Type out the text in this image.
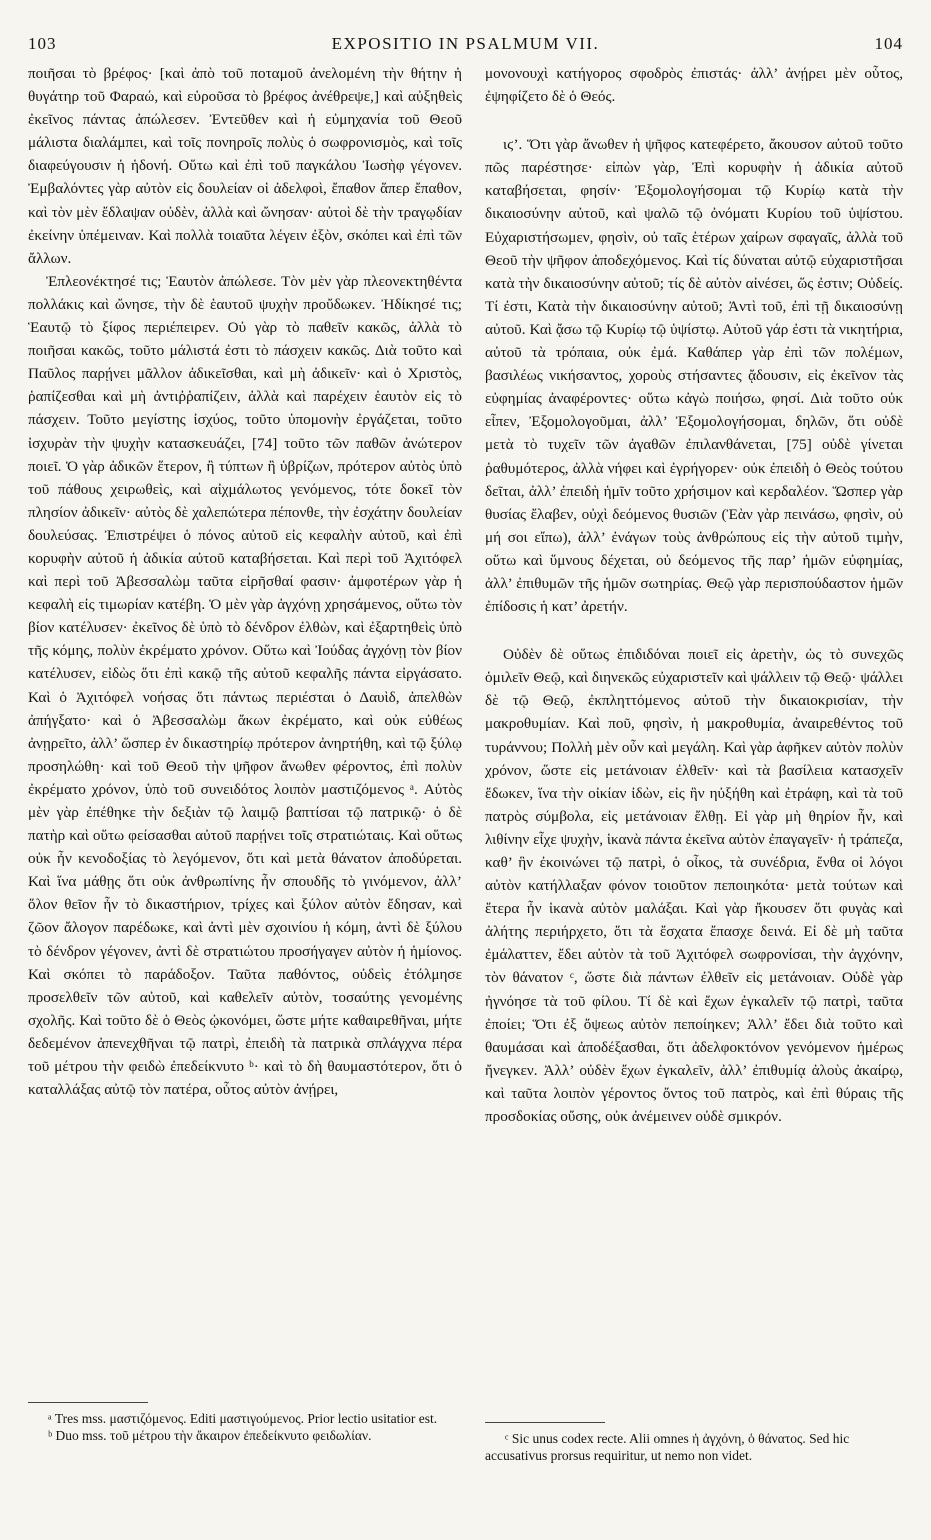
103	EXPOSITIO IN PSALMUM VII.	104

ποιῆσαι τὸ βρέφος· [καὶ ἀπὸ τοῦ ποταμοῦ ἀνελομένη τὴν θήτην ἡ θυγάτηρ τοῦ Φαραώ, καὶ εὑροῦσα τὸ βρέφος ἀνέθρεψε,] καὶ αὐξηθεὶς ἐκεῖνος πάντας ἀπώλεσεν. Ἐντεῦθεν καὶ ἡ εὐμηχανία τοῦ Θεοῦ μάλιστα διαλάμπει, καὶ τοῖς πονηροῖς πολὺς ὁ σωφρονισμὸς, καὶ τοῖς διαφεύγουσιν ἡ ἡδονή. Οὕτω καὶ ἐπὶ τοῦ παγκάλου Ἰωσὴφ γέγονεν. Ἐμβαλόντες γὰρ αὐτὸν εἰς δουλείαν οἱ ἀδελφοὶ, ἔπαθον ἅπερ ἔπαθον, καὶ τὸν μὲν ἔδλαψαν οὐδὲν, ἀλλὰ καὶ ὤνησαν· αὐτοὶ δὲ τὴν τραγῳδίαν ἐκείνην ὑπέμειναν. Καὶ πολλὰ τοιαῦτα λέγειν ἐξὸν, σκόπει καὶ ἐπὶ τῶν ἄλλων.

Ἐπλεονέκτησέ τις; Ἑαυτὸν ἀπώλεσε. Τὸν μὲν γὰρ πλεονεκτηθέντα πολλάκις καὶ ὤνησε, τὴν δὲ ἑαυτοῦ ψυχὴν προὔδωκεν. Ἠδίκησέ τις; Ἑαυτῷ τὸ ξίφος περιέπειρεν. Οὐ γὰρ τὸ παθεῖν κακῶς, ἀλλὰ τὸ ποιῆσαι κακῶς, τοῦτο μάλιστά ἐστι τὸ πάσχειν κακῶς. Διὰ τοῦτο καὶ Παῦλος παρῄνει μᾶλλον ἀδικεῖσθαι, καὶ μὴ ἀδικεῖν· καὶ ὁ Χριστὸς, ῥαπίζεσθαι καὶ μὴ ἀντιῤῥαπίζειν, ἀλλὰ καὶ παρέχειν ἑαυτὸν εἰς τὸ πάσχειν. Τοῦτο μεγίστης ἰσχύος, τοῦτο ὑπομονὴν ἐργάζεται, τοῦτο ἰσχυρὰν τὴν ψυχὴν κατασκευάζει, [74] τοῦτο τῶν παθῶν ἀνώτερον ποιεῖ. Ὁ γὰρ ἀδικῶν ἕτερον, ἢ τύπτων ἢ ὑβρίζων, πρότερον αὐτὸς ὑπὸ τοῦ πάθους χειρωθεὶς, καὶ αἰχμάλωτος γενόμενος, τότε δοκεῖ τὸν πλησίον ἀδικεῖν· αὐτὸς δὲ χαλεπώτερα πέπονθε, τὴν ἐσχάτην δουλείαν δουλεύσας. Ἐπιστρέψει ὁ πόνος αὐτοῦ εἰς κεφαλὴν αὐτοῦ, καὶ ἐπὶ κορυφὴν αὐτοῦ ἡ ἀδικία αὐτοῦ καταβήσεται. Καὶ περὶ τοῦ Ἀχιτόφελ καὶ περὶ τοῦ Ἀβεσσαλὼμ ταῦτα εἰρῆσθαί φασιν· ἀμφοτέρων γὰρ ἡ κεφαλὴ εἰς τιμωρίαν κατέβη. Ὁ μὲν γὰρ ἀγχόνῃ χρησάμενος, οὕτω τὸν βίον κατέλυσεν· ἐκεῖνος δὲ ὑπὸ τὸ δένδρον ἐλθὼν, καὶ ἐξαρτηθεὶς ὑπὸ τῆς κόμης, πολὺν ἐκρέματο χρόνον. Οὕτω καὶ Ἰούδας ἀγχόνῃ τὸν βίον κατέλυσεν, εἰδὼς ὅτι ἐπὶ κακῷ τῆς αὐτοῦ κεφαλῆς πάντα εἰργάσατο. Καὶ ὁ Ἀχιτόφελ νοήσας ὅτι πάντως περιέσται ὁ Δαυὶδ, ἀπελθὼν ἀπήγξατο· καὶ ὁ Ἀβεσσαλὼμ ἄκων ἐκρέματο, καὶ οὐκ εὐθέως ἀνῃρεῖτο, ἀλλ’ ὥσπερ ἐν δικαστηρίῳ πρότερον ἀνηρτήθη, καὶ τῷ ξύλῳ προσηλώθη· καὶ τοῦ Θεοῦ τὴν ψῆφον ἄνωθεν φέροντος, ἐπὶ πολὺν ἐκρέματο χρόνον, ὑπὸ τοῦ συνειδότος λοιπὸν μαστιζόμενος ᵃ. Αὐτὸς μὲν γὰρ ἐπέθηκε τὴν δεξιὰν τῷ λαιμῷ βαπτίσαι τῷ πατρικῷ· ὁ δὲ πατὴρ καὶ οὕτω φείσασθαι αὐτοῦ παρῄνει τοῖς στρατιώταις. Καὶ οὕτως οὐκ ἦν κενοδοξίας τὸ λεγόμενον, ὅτι καὶ μετὰ θάνατον ἀποδύρεται. Καὶ ἵνα μάθῃς ὅτι οὐκ ἀνθρωπίνης ἦν σπουδῆς τὸ γινόμενον, ἀλλ’ ὅλον θεῖον ἦν τὸ δικαστήριον, τρίχες καὶ ξύλον αὐτὸν ἔδησαν, καὶ ζῶον ἄλογον παρέδωκε, καὶ ἀντὶ μὲν σχοινίου ἡ κόμη, ἀντὶ δὲ ξύλου τὸ δένδρον γέγονεν, ἀντὶ δὲ στρατιώτου προσήγαγεν αὐτὸν ἡ ἡμίονος. Καὶ σκόπει τὸ παράδοξον. Ταῦτα παθόντος, οὐδεὶς ἐτόλμησε προσελθεῖν τῶν αὐτοῦ, καὶ καθελεῖν αὐτὸν, τοσαύτης γενομένης σχολῆς. Καὶ τοῦτο δὲ ὁ Θεὸς ᾠκονόμει, ὥστε μήτε καθαιρεθῆναι, μήτε δεδεμένον ἀπενεχθῆναι τῷ πατρὶ, ἐπειδὴ τὰ πατρικὰ σπλάγχνα πέρα τοῦ μέτρου τὴν φειδὼ ἐπεδείκνυτο ᵇ· καὶ τὸ δὴ θαυμαστότερον, ὅτι ὁ καταλλάξας αὐτῷ τὸν πατέρα, οὗτος αὐτὸν ἀνῄρει,

μονονουχὶ κατήγορος σφοδρὸς ἐπιστάς· ἀλλ’ ἀνῄρει μὲν οὗτος, ἐψηφίζετο δὲ ὁ Θεός.

ιϛ’. Ὅτι γὰρ ἄνωθεν ἡ ψῆφος κατεφέρετο, ἄκουσον αὐτοῦ τοῦτο πῶς παρέστησε· εἰπὼν γὰρ, Ἐπὶ κορυφὴν ἡ ἀδικία αὐτοῦ καταβήσεται, φησίν· Ἐξομολογήσομαι τῷ Κυρίῳ κατὰ τὴν δικαιοσύνην αὐτοῦ, καὶ ψαλῶ τῷ ὀνόματι Κυρίου τοῦ ὑψίστου. Εὐχαριστήσωμεν, φησὶν, οὐ ταῖς ἑτέρων χαίρων σφαγαῖς, ἀλλὰ τοῦ Θεοῦ τὴν ψῆφον ἀποδεχόμενος. Καὶ τίς δύναται αὐτῷ εὐχαριστῆσαι κατὰ τὴν δικαιοσύνην αὐτοῦ; τίς δὲ αὐτὸν αἰνέσει, ὥς ἐστιν; Οὐδείς. Τί ἐστι, Κατὰ τὴν δικαιοσύνην αὐτοῦ; Ἀντὶ τοῦ, ἐπὶ τῇ δικαιοσύνῃ αὐτοῦ. Καὶ ᾄσω τῷ Κυρίῳ τῷ ὑψίστῳ. Αὐτοῦ γάρ ἐστι τὰ νικητήρια, αὐτοῦ τὰ τρόπαια, οὐκ ἐμά. Καθάπερ γὰρ ἐπὶ τῶν πολέμων, βασιλέως νικήσαντος, χοροὺς στήσαντες ᾄδουσιν, εἰς ἐκεῖνον τὰς εὐφημίας ἀναφέροντες· οὕτω κἀγὼ ποιήσω, φησί. Διὰ τοῦτο οὐκ εἶπεν, Ἐξομολογοῦμαι, ἀλλ’ Ἐξομολογήσομαι, δηλῶν, ὅτι οὐδὲ μετὰ τὸ τυχεῖν τῶν ἀγαθῶν ἐπιλανθάνεται, [75] οὐδὲ γίνεται ῥαθυμότερος, ἀλλὰ νήφει καὶ ἐγρήγορεν· οὐκ ἐπειδὴ ὁ Θεὸς τούτου δεῖται, ἀλλ’ ἐπειδὴ ἡμῖν τοῦτο χρήσιμον καὶ κερδαλέον. Ὥσπερ γὰρ θυσίας ἔλαβεν, οὐχὶ δεόμενος θυσιῶν (Ἐὰν γὰρ πεινάσω, φησὶν, οὐ μή σοι εἴπω), ἀλλ’ ἐνάγων τοὺς ἀνθρώπους εἰς τὴν αὐτοῦ τιμὴν, οὕτω καὶ ὕμνους δέχεται, οὐ δεόμενος τῆς παρ’ ἡμῶν εὐφημίας, ἀλλ’ ἐπιθυμῶν τῆς ἡμῶν σωτηρίας. Θεῷ γὰρ περισπούδαστον ἡμῶν ἐπίδοσις ἡ κατ’ ἀρετήν.

Οὐδὲν δὲ οὕτως ἐπιδιδόναι ποιεῖ εἰς ἀρετὴν, ὡς τὸ συνεχῶς ὁμιλεῖν Θεῷ, καὶ διηνεκῶς εὐχαριστεῖν καὶ ψάλλειν τῷ Θεῷ· ψάλλει δὲ τῷ Θεῷ, ἐκπληττόμενος αὐτοῦ τὴν δικαιοκρισίαν, τὴν μακροθυμίαν. Καὶ ποῦ, φησὶν, ἡ μακροθυμία, ἀναιρεθέντος τοῦ τυράννου; Πολλὴ μὲν οὖν καὶ μεγάλη. Καὶ γὰρ ἀφῆκεν αὐτὸν πολὺν χρόνον, ὥστε εἰς μετάνοιαν ἐλθεῖν· καὶ τὰ βασίλεια κατασχεῖν ἔδωκεν, ἵνα τὴν οἰκίαν ἰδὼν, εἰς ἣν ηὐξήθη καὶ ἐτράφη, καὶ τὰ τοῦ πατρὸς σύμβολα, εἰς μετάνοιαν ἔλθῃ. Εἰ γὰρ μὴ θηρίον ἦν, καὶ λιθίνην εἶχε ψυχὴν, ἱκανὰ πάντα ἐκεῖνα αὐτὸν ἐπαγαγεῖν· ἡ τράπεζα, καθ’ ἣν ἐκοινώνει τῷ πατρὶ, ὁ οἶκος, τὰ συνέδρια, ἔνθα οἱ λόγοι αὐτὸν κατήλλαξαν φόνον τοιοῦτον πεποιηκότα· μετὰ τούτων καὶ ἕτερα ἦν ἱκανὰ αὐτὸν μαλάξαι. Καὶ γὰρ ἤκουσεν ὅτι φυγὰς καὶ ἀλήτης περιήρχετο, ὅτι τὰ ἔσχατα ἔπασχε δεινά. Εἰ δὲ μὴ ταῦτα ἐμάλαττεν, ἔδει αὐτὸν τὰ τοῦ Ἀχιτόφελ σωφρονίσαι, τὴν ἀγχόνην, τὸν θάνατον ᶜ, ὥστε διὰ πάντων ἐλθεῖν εἰς μετάνοιαν. Οὐδὲ γὰρ ἠγνόησε τὰ τοῦ φίλου. Τί δὲ καὶ ἔχων ἐγκαλεῖν τῷ πατρὶ, ταῦτα ἐποίει; Ὅτι ἐξ ὄψεως αὐτὸν πεποίηκεν; Ἀλλ’ ἔδει διὰ τοῦτο καὶ θαυμάσαι καὶ ἀποδέξασθαι, ὅτι ἀδελφοκτόνον γενόμενον ἡμέρως ἤνεγκεν. Ἀλλ’ οὐδὲν ἔχων ἐγκαλεῖν, ἀλλ’ ἐπιθυμίᾳ ἀλοὺς ἀκαίρῳ, καὶ ταῦτα λοιπὸν γέροντος ὄντος τοῦ πατρὸς, καὶ ἐπὶ θύραις τῆς προσδοκίας οὔσης, οὐκ ἀνέμεινεν οὐδὲ σμικρόν.

ᵃ Tres mss. μαστιζόμενος. Editi μαστιγούμενος. Prior lectio usitatior est.

ᵇ Duo mss. τοῦ μέτρου τὴν ἄκαιρον ἐπεδείκνυτο φειδωλίαν.	ᶜ Sic unus codex recte. Alii omnes ἡ ἀγχόνη, ὁ θάνατος. Sed hic accusativus prorsus requiritur, ut nemo non videt.
